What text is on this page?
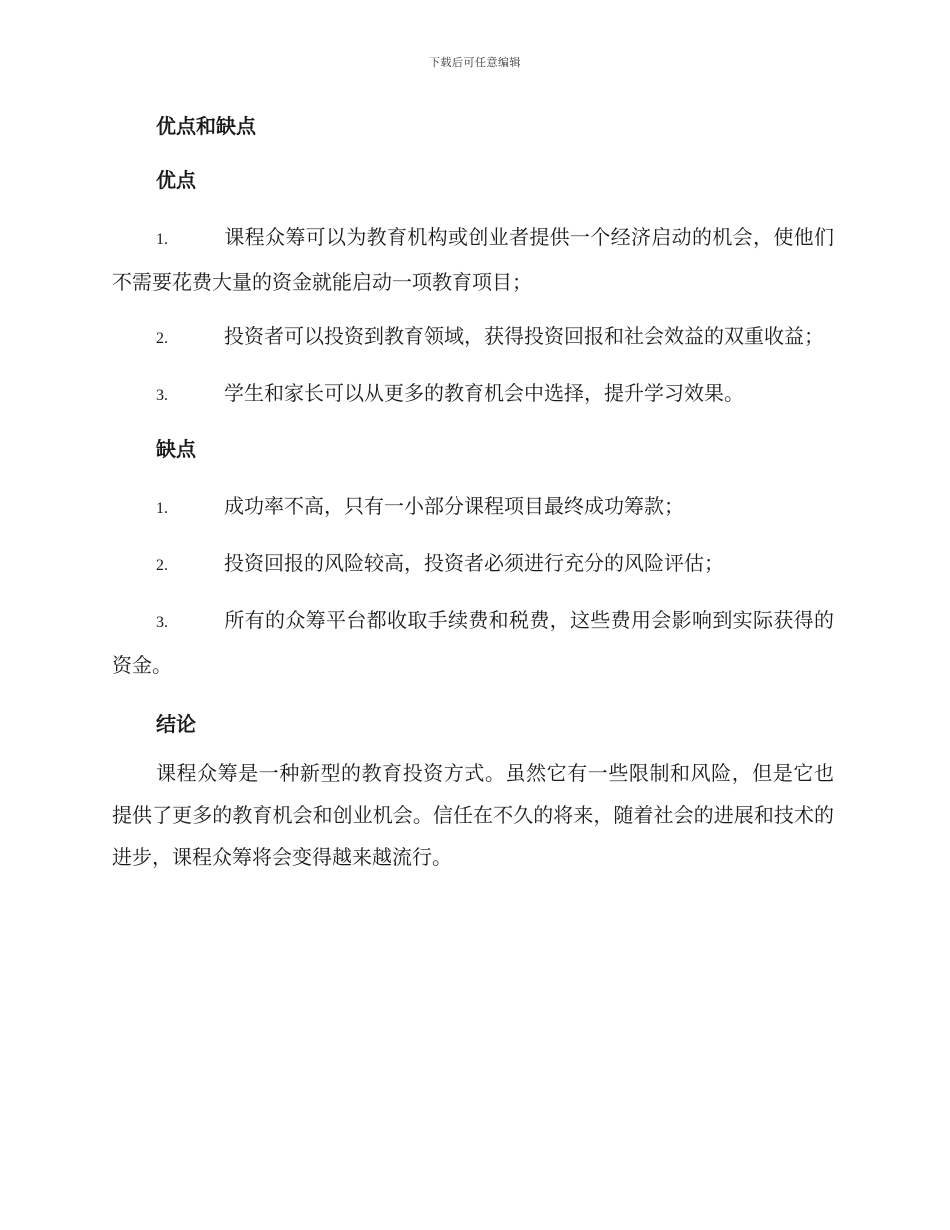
下载后可任意编辑
优点和缺点
优点
1.	课程众筹可以为教育机构或创业者提供一个经济启动的机会，使他们不需要花费大量的资金就能启动一项教育项目；
2.	投资者可以投资到教育领域，获得投资回报和社会效益的双重收益；
3.	学生和家长可以从更多的教育机会中选择，提升学习效果。
缺点
1.	成功率不高，只有一小部分课程项目最终成功筹款；
2.	投资回报的风险较高，投资者必须进行充分的风险评估；
3.	所有的众筹平台都收取手续费和税费，这些费用会影响到实际获得的资金。
结论

课程众筹是一种新型的教育投资方式。虽然它有一些限制和风险，但是它也提供了更多的教育机会和创业机会。信任在不久的将来，随着社会的进展和技术的进步，课程众筹将会变得越来越流行。
